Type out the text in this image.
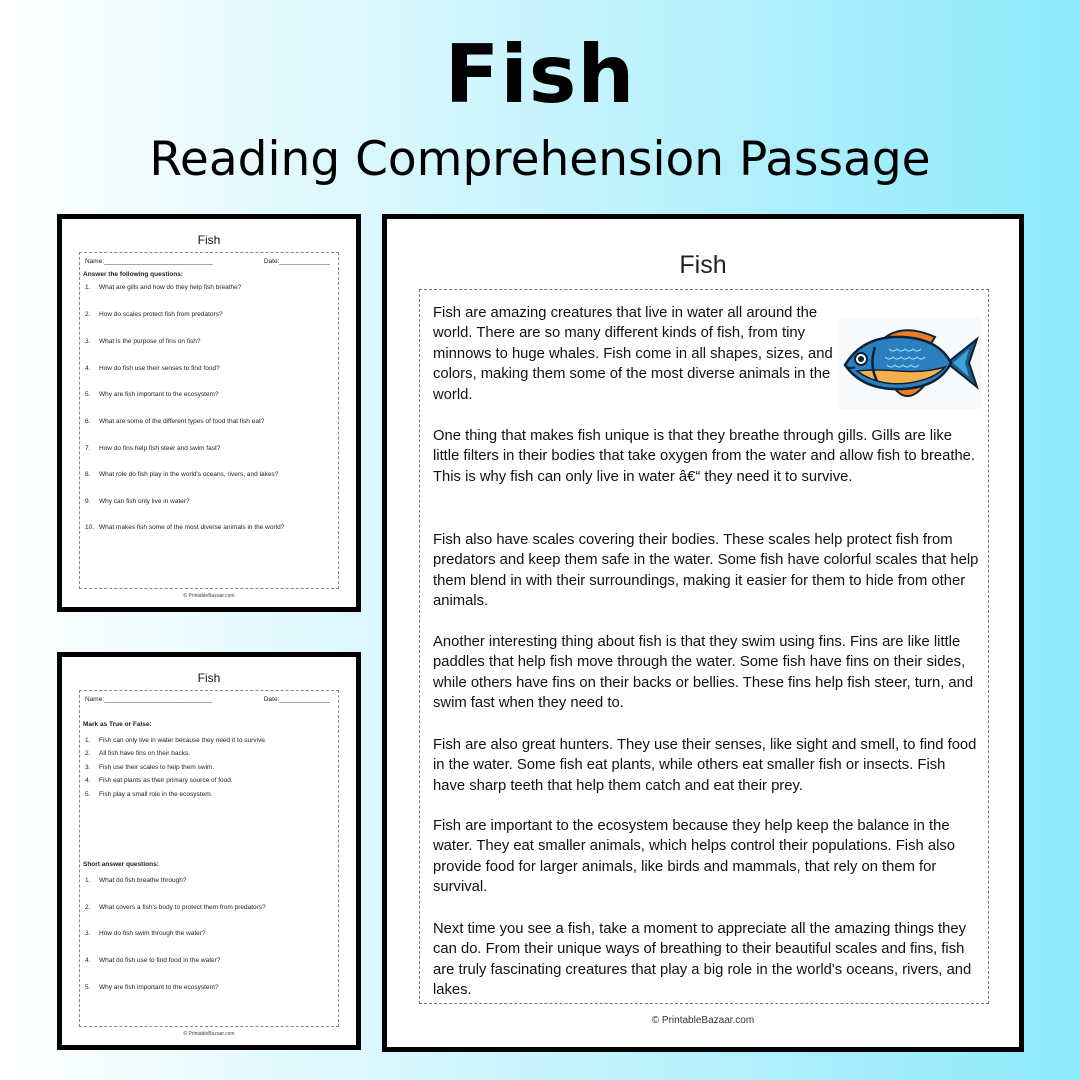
Fish
Reading Comprehension Passage
Fish
Name:______________________________	Date:______________
Answer the following questions:
1. What are gills and how do they help fish breathe?
2. How do scales protect fish from predators?
3. What is the purpose of fins on fish?
4. How do fish use their senses to find food?
5. Why are fish important to the ecosystem?
6. What are some of the different types of food that fish eat?
7. How do fins help fish steer and swim fast?
8. What role do fish play in the world's oceans, rivers, and lakes?
9. Why can fish only live in water?
10. What makes fish some of the most diverse animals in the world?
© PrintableBazaar.com
Fish
Name:______________________________	Date:______________
Mark as True or False:
1. Fish can only live in water because they need it to survive.
2. All fish have fins on their backs.
3. Fish use their scales to help them swim.
4. Fish eat plants as their primary source of food.
5. Fish play a small role in the ecosystem.
Short answer questions:
1. What do fish breathe through?
2. What covers a fish's body to protect them from predators?
3. How do fish swim through the water?
4. What do fish use to find food in the water?
5. Why are fish important to the ecosystem?
© PrintableBazaar.com
Fish

Fish are amazing creatures that live in water all around the world. There are so many different kinds of fish, from tiny minnows to huge whales. Fish come in all shapes, sizes, and colors, making them some of the most diverse animals in the world.

One thing that makes fish unique is that they breathe through gills. Gills are like little filters in their bodies that take oxygen from the water and allow fish to breathe. This is why fish can only live in water â€“ they need it to survive.

Fish also have scales covering their bodies. These scales help protect fish from predators and keep them safe in the water. Some fish have colorful scales that help them blend in with their surroundings, making it easier for them to hide from other animals.

Another interesting thing about fish is that they swim using fins. Fins are like little paddles that help fish move through the water. Some fish have fins on their sides, while others have fins on their backs or bellies. These fins help fish steer, turn, and swim fast when they need to.

Fish are also great hunters. They use their senses, like sight and smell, to find food in the water. Some fish eat plants, while others eat smaller fish or insects. Fish have sharp teeth that help them catch and eat their prey.

Fish are important to the ecosystem because they help keep the balance in the water. They eat smaller animals, which helps control their populations. Fish also provide food for larger animals, like birds and mammals, that rely on them for survival.

Next time you see a fish, take a moment to appreciate all the amazing things they can do. From their unique ways of breathing to their beautiful scales and fins, fish are truly fascinating creatures that play a big role in the world's oceans, rivers, and lakes.

© PrintableBazaar.com
